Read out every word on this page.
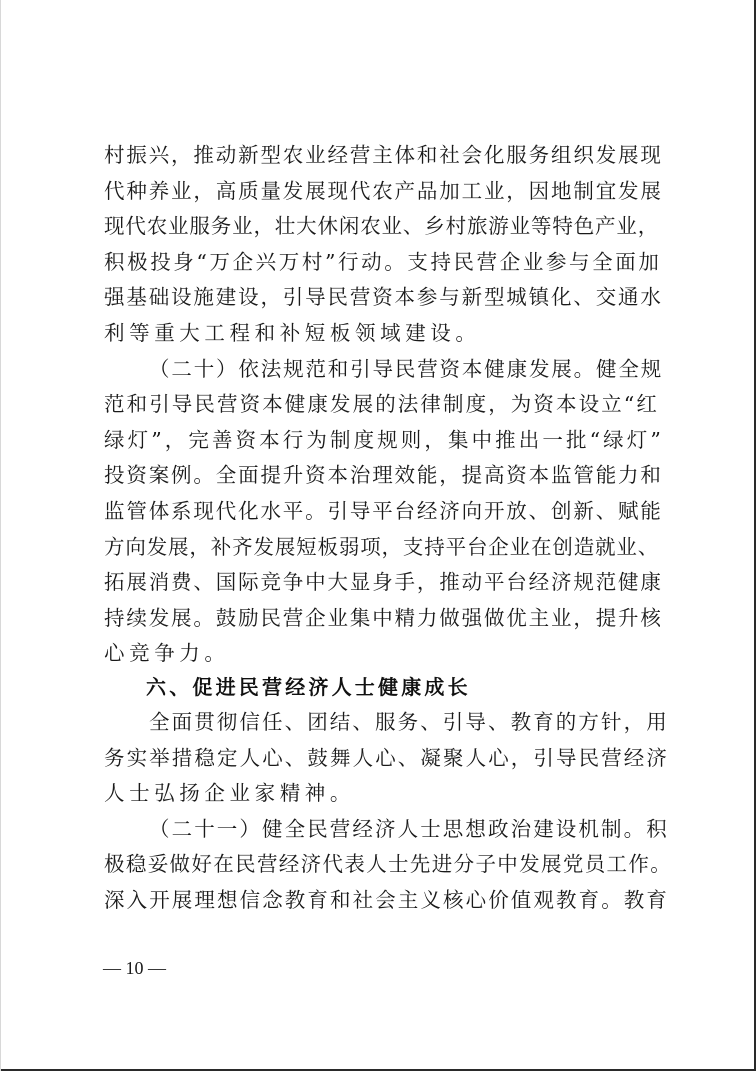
村振兴，推动新型农业经营主体和社会化服务组织发展现
代种养业，高质量发展现代农产品加工业，因地制宜发展
现代农业服务业，壮大休闲农业、乡村旅游业等特色产业，
积极投身“万企兴万村”行动。支持民营企业参与全面加
强基础设施建设，引导民营资本参与新型城镇化、交通水
利等重大工程和补短板领域建设。
（二十）依法规范和引导民营资本健康发展。健全规
范和引导民营资本健康发展的法律制度，为资本设立“红
绿灯”，完善资本行为制度规则，集中推出一批“绿灯”
投资案例。全面提升资本治理效能，提高资本监管能力和
监管体系现代化水平。引导平台经济向开放、创新、赋能
方向发展，补齐发展短板弱项，支持平台企业在创造就业、
拓展消费、国际竞争中大显身手，推动平台经济规范健康
持续发展。鼓励民营企业集中精力做强做优主业，提升核
心竞争力。
六、促进民营经济人士健康成长
全面贯彻信任、团结、服务、引导、教育的方针，用
务实举措稳定人心、鼓舞人心、凝聚人心，引导民营经济
人士弘扬企业家精神。
（二十一）健全民营经济人士思想政治建设机制。积
极稳妥做好在民营经济代表人士先进分子中发展党员工作。
深入开展理想信念教育和社会主义核心价值观教育。教育
— 10 —
